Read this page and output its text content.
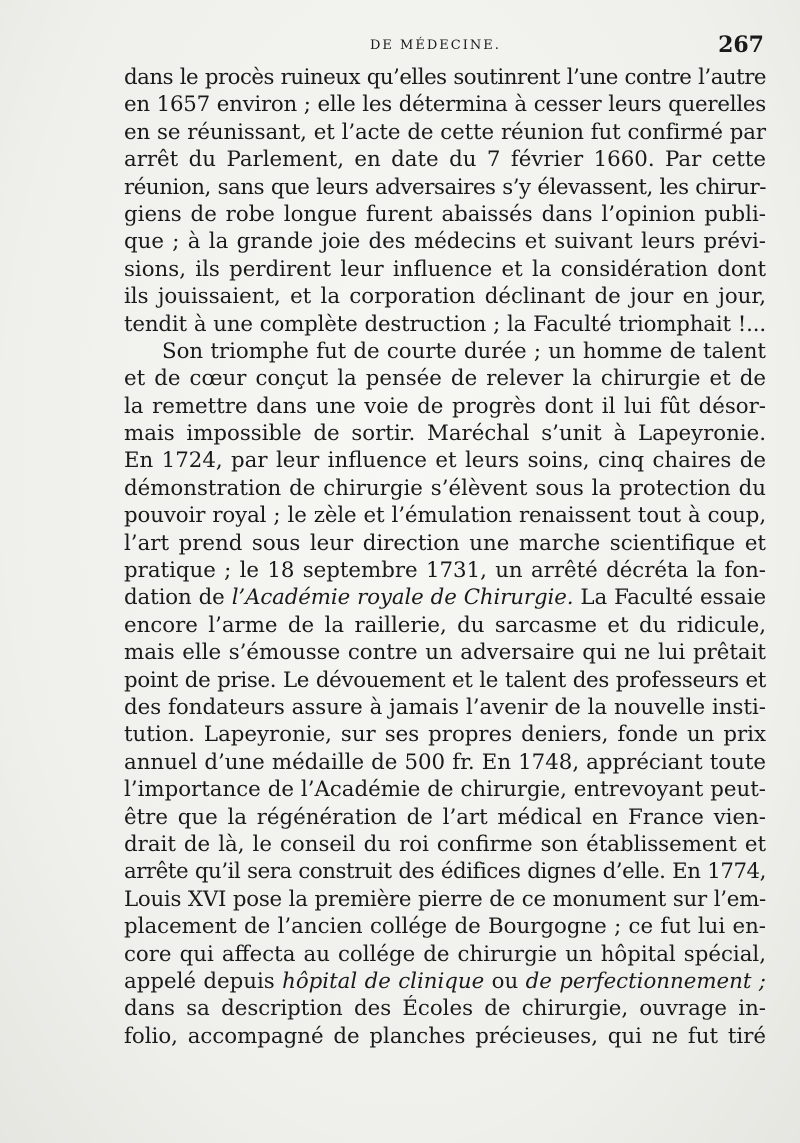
DE MÉDECINE.	267
dans le procès ruineux qu’elles soutinrent l’une contre l’autre
en 1657 environ ; elle les détermina à cesser leurs querelles
en se réunissant, et l’acte de cette réunion fut confirmé par
arrêt du Parlement, en date du 7 février 1660. Par cette
réunion, sans que leurs adversaires s’y élevassent, les chirur-
giens de robe longue furent abaissés dans l’opinion publi-
que ; à la grande joie des médecins et suivant leurs prévi-
sions, ils perdirent leur influence et la considération dont
ils jouissaient, et la corporation déclinant de jour en jour,
tendit à une complète destruction ; la Faculté triomphait !...
Son triomphe fut de courte durée ; un homme de talent
et de cœur conçut la pensée de relever la chirurgie et de
la remettre dans une voie de progrès dont il lui fût désor-
mais impossible de sortir. Maréchal s’unit à Lapeyronie.
En 1724, par leur influence et leurs soins, cinq chaires de
démonstration de chirurgie s’élèvent sous la protection du
pouvoir royal ; le zèle et l’émulation renaissent tout à coup,
l’art prend sous leur direction une marche scientifique et
pratique ; le 18 septembre 1731, un arrêté décréta la fon-
dation de l’Académie royale de Chirurgie. La Faculté essaie
encore l’arme de la raillerie, du sarcasme et du ridicule,
mais elle s’émousse contre un adversaire qui ne lui prêtait
point de prise. Le dévouement et le talent des professeurs et
des fondateurs assure à jamais l’avenir de la nouvelle insti-
tution. Lapeyronie, sur ses propres deniers, fonde un prix
annuel d’une médaille de 500 fr. En 1748, appréciant toute
l’importance de l’Académie de chirurgie, entrevoyant peut-
être que la régénération de l’art médical en France vien-
drait de là, le conseil du roi confirme son établissement et
arrête qu’il sera construit des édifices dignes d’elle. En 1774,
Louis XVI pose la première pierre de ce monument sur l’em-
placement de l’ancien collége de Bourgogne ; ce fut lui en-
core qui affecta au collége de chirurgie un hôpital spécial,
appelé depuis hôpital de clinique ou de perfectionnement ;
dans sa description des Écoles de chirurgie, ouvrage in-
folio, accompagné de planches précieuses, qui ne fut tiré
